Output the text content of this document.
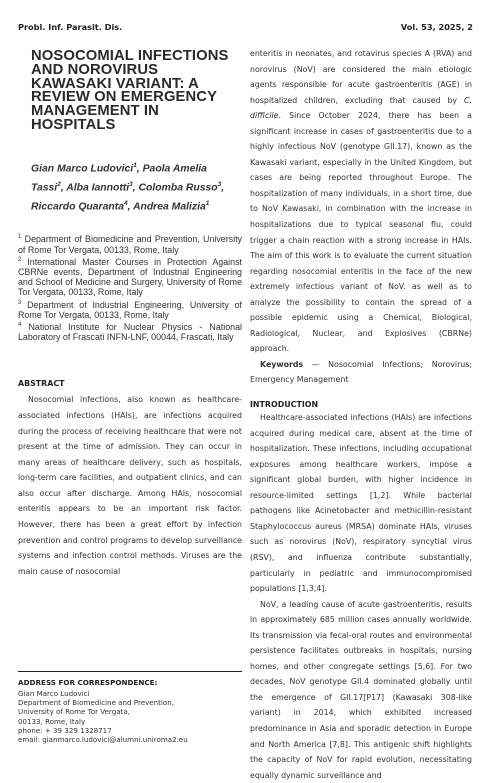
Probl. Inf. Parasit. Dis.	Vol. 53, 2025, 2
NOSOCOMIAL INFECTIONS AND NOROVIRUS KAWASAKI VARIANT: A REVIEW ON EMERGENCY MANAGEMENT IN HOSPITALS
Gian Marco Ludovici$^1$, Paola Amelia Tassi$^2$, Alba Iannotti$^3$, Colomba Russo$^3$, Riccardo Quaranta$^4$, Andrea Malizia$^1$

$^1$ Department of Biomedicine and Prevention, University of Rome Tor Vergata, 00133, Rome, Italy

$^2$ International Master Courses in Protection Against CBRNe events, Department of Industrial Engineering and School of Medicine and Surgery, University of Rome Tor Vergata, 00133, Rome, Italy

$^3$ Department of Industrial Engineering, University of Rome Tor Vergata, 00133, Rome, Italy

$^4$ National Institute for Nuclear Physics - National Laboratory of Frascati INFN-LNF, 00044, Frascati, Italy

ABSTRACT

Nosocomial infections, also known as healthcare-associated infections (HAIs), are infections acquired during the process of receiving healthcare that were not present at the time of admission. They can occur in many areas of healthcare delivery, such as hospitals, long-term care facilities, and outpatient clinics, and can also occur after discharge. Among HAIs, nosocomial enteritis appears to be an important risk factor. However, there has been a great effort by infection prevention and control programs to develop surveillance systems and infection control methods. Viruses are the main cause of nosocomial

ADDRESS FOR CORRESPONDENCE:
Gian Marco Ludovici
Department of Biomedicine and Prevention,
University of Rome Tor Vergata,
00133, Rome, Italy
phone: + 39 329 1328717
email: gianmarco.ludovici@alumni.uniroma2.eu

enteritis in neonates, and rotavirus species A (RVA) and norovirus (NoV) are considered the main etiologic agents responsible for acute gastroenteritis (AGE) in hospitalized children, excluding that caused by C. difficile. Since October 2024, there has been a significant increase in cases of gastroenteritis due to a highly infectious NoV (genotype GII.17), known as the Kawasaki variant, especially in the United Kingdom, but cases are being reported throughout Europe. The hospitalization of many individuals, in a short time, due to NoV Kawasaki, in combination with the increase in hospitalizations due to typical seasonal flu, could trigger a chain reaction with a strong increase in HAIs. The aim of this work is to evaluate the current situation regarding nosocomial enteritis in the face of the new extremely infectious variant of NoV. as well as to analyze the possibility to contain the spread of a possible epidemic using a Chemical, Biological, Radiological, Nuclear, and Explosives (CBRNe) approach.

Keywords — Nosocomial Infections; Norovirus; Emergency Management

INTRODUCTION

Healthcare-associated infections (HAIs) are infections acquired during medical care, absent at the time of hospitalization. These infections, including occupational exposures among healthcare workers, impose a significant global burden, with higher incidence in resource-limited settings [1,2]. While bacterial pathogens like Acinetobacter and methicillin-resistant Staphylococcus aureus (MRSA) dominate HAIs, viruses such as norovirus (NoV), respiratory syncytial virus (RSV), and influenza contribute substantially, particularly in pediatric and immunocompromised populations [1,3,4].

NoV, a leading cause of acute gastroenteritis, results in approximately 685 million cases annually worldwide. Its transmission via fecal-oral routes and environmental persistence facilitates outbreaks in hospitals, nursing homes, and other congregate settings [5,6]. For two decades, NoV genotype GII.4 dominated globally until the emergence of GII.17[P17] (Kawasaki 308-like variant) in 2014, which exhibited increased predominance in Asia and sporadic detection in Europe and North America [7,8]. This antigenic shift highlights the capacity of NoV for rapid evolution, necessitating equally dynamic surveillance and
